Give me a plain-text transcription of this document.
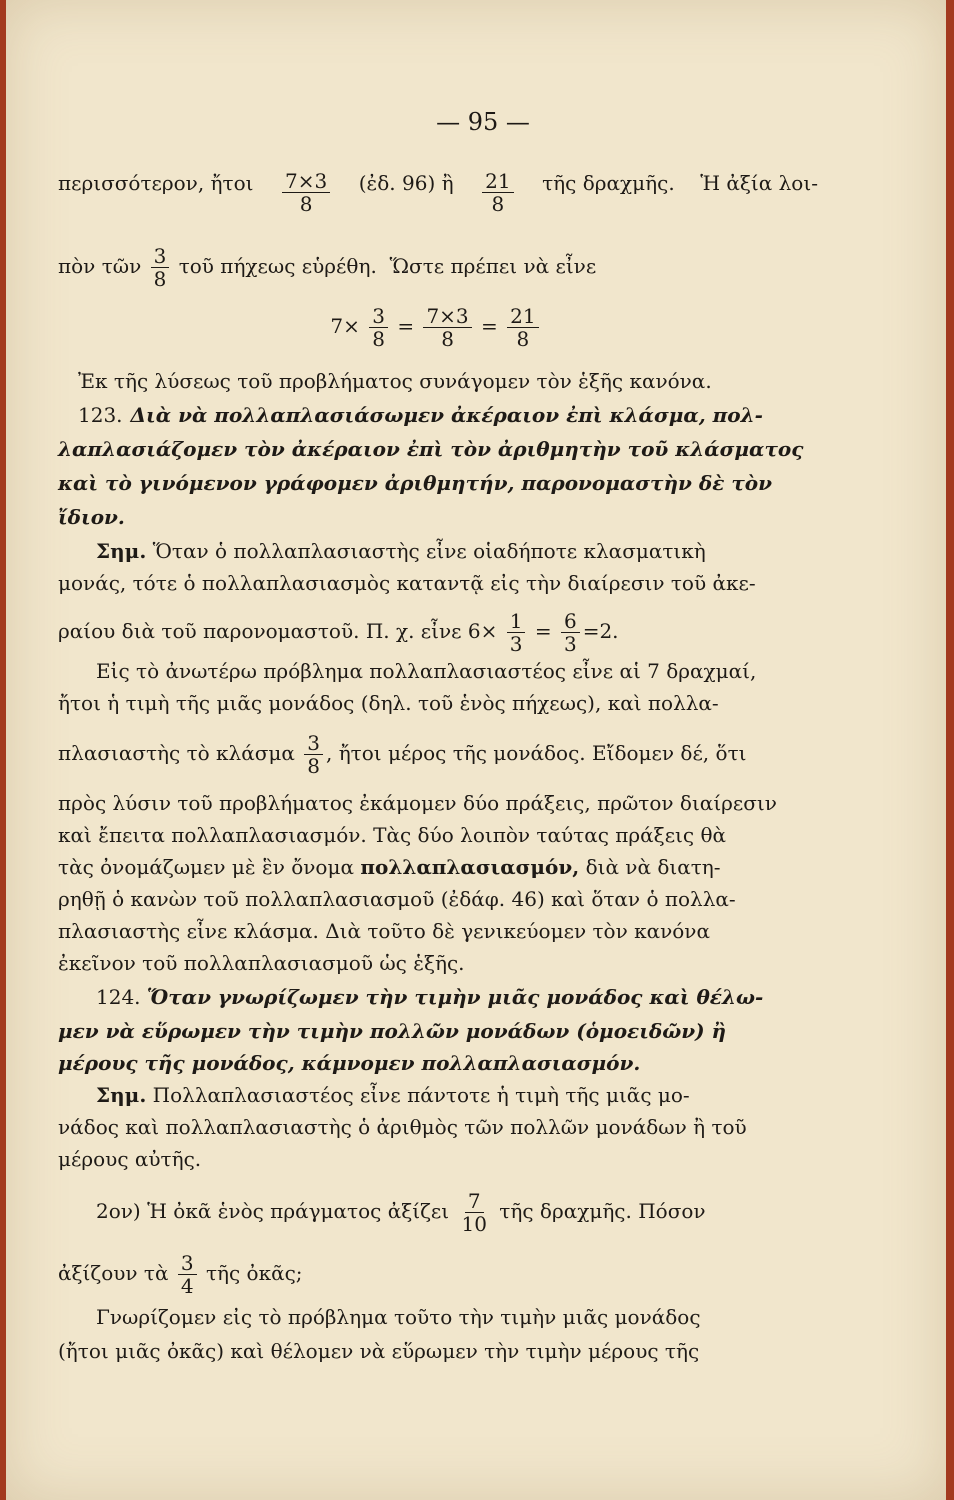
— 95 —
περισσότερον, ἤτοι $\frac{7\times 3}{8}$ (ἐδ. 96) ἢ $\frac{21}{8}$ τῆς δραχμῆς. Ἡ ἀξία λοι-
πὸν τῶν $\frac{3}{8}$ τοῦ πήχεως εὑρέθη. Ὥστε πρέπει νὰ εἶνε
$7\times \frac{3}{8} = \frac{7\times 3}{8} = \frac{21}{8}$
Ἐκ τῆς λύσεως τοῦ προβλήματος συνάγομεν τὸν ἑξῆς κανόνα.
123. Διὰ νὰ πολλαπλασιάσωμεν ἀκέραιον ἐπὶ κλάσμα, πολ-
λαπλασιάζομεν τὸν ἀκέραιον ἐπὶ τὸν ἀριθμητὴν τοῦ κλάσματος
καὶ τὸ γινόμενον γράφομεν ἀριθμητήν, παρονομαστὴν δὲ τὸν
ἴδιον.
Σημ. Ὅταν ὁ πολλαπλασιαστὴς εἶνε οἱαδήποτε κλασματικὴ
μονάς, τότε ὁ πολλαπλασιασμὸς καταντᾷ εἰς τὴν διαίρεσιν τοῦ ἀκε-
ραίου διὰ τοῦ παρονομαστοῦ. Π. χ. εἶνε $6\times \frac{1}{3} = \frac{6}{3} =2$.
Εἰς τὸ ἀνωτέρω πρόβλημα πολλαπλασιαστέος εἶνε αἱ 7 δραχμαί,
ἤτοι ἡ τιμὴ τῆς μιᾶς μονάδος (δηλ. τοῦ ἑνὸς πήχεως), καὶ πολλα-
πλασιαστὴς τὸ κλάσμα $\frac{3}{8}$ , ἤτοι μέρος τῆς μονάδος. Εἴδομεν δέ, ὅτι
πρὸς λύσιν τοῦ προβλήματος ἐκάμομεν δύο πράξεις, πρῶτον διαίρεσιν
καὶ ἔπειτα πολλαπλασιασμόν. Τὰς δύο λοιπὸν ταύτας πράξεις θὰ
τὰς ὀνομάζωμεν μὲ ἓν ὄνομα πολλαπλασιασμόν, διὰ νὰ διατη-
ρηθῇ ὁ κανὼν τοῦ πολλαπλασιασμοῦ (ἐδάφ. 46) καὶ ὅταν ὁ πολλα-
πλασιαστὴς εἶνε κλάσμα. Διὰ τοῦτο δὲ γενικεύομεν τὸν κανόνα
ἐκεῖνον τοῦ πολλαπλασιασμοῦ ὡς ἑξῆς.
124. Ὅταν γνωρίζωμεν τὴν τιμὴν μιᾶς μονάδος καὶ θέλω-
μεν νὰ εὕρωμεν τὴν τιμὴν πολλῶν μονάδων (ὁμοειδῶν) ἢ
μέρους τῆς μονάδος, κάμνομεν πολλαπλασιασμόν.
Σημ. Πολλαπλασιαστέος εἶνε πάντοτε ἡ τιμὴ τῆς μιᾶς μο-
νάδος καὶ πολλαπλασιαστὴς ὁ ἀριθμὸς τῶν πολλῶν μονάδων ἢ τοῦ
μέρους αὐτῆς.
2ον) Ἡ ὀκᾶ ἑνὸς πράγματος ἀξίζει $\frac{7}{10}$ τῆς δραχμῆς. Πόσον
ἀξίζουν τὰ $\frac{3}{4}$ τῆς ὀκᾶς;
Γνωρίζομεν εἰς τὸ πρόβλημα τοῦτο τὴν τιμὴν μιᾶς μονάδος
(ἤτοι μιᾶς ὀκᾶς) καὶ θέλομεν νὰ εὕρωμεν τὴν τιμὴν μέρους τῆς
